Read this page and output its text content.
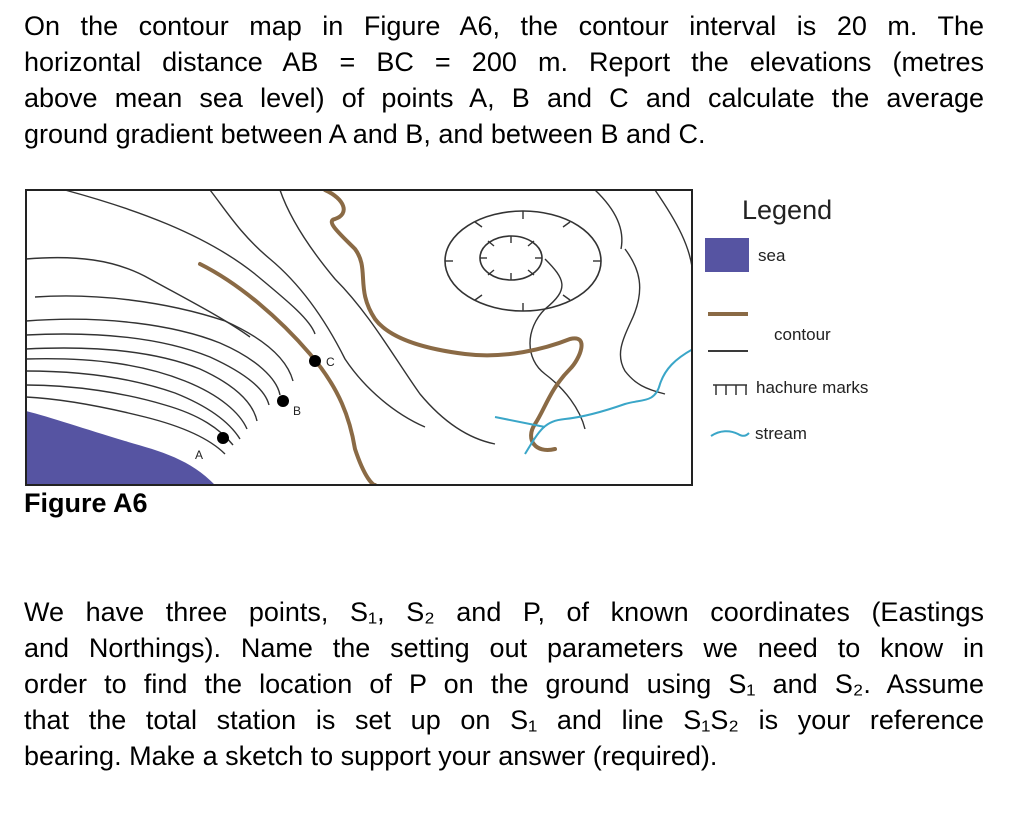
On the contour map in Figure A6, the contour interval is 20 m. The
horizontal distance AB = BC = 200 m. Report the elevations (metres
above mean sea level) of points A, B and C and calculate the average
ground gradient between A and B, and between B and C.
A
B
C
Legend
sea
contour
hachure marks
stream
Figure A6
We have three points, S₁, S₂ and P, of known coordinates (Eastings
and Northings). Name the setting out parameters we need to know in
order to find the location of P on the ground using S₁ and S₂. Assume
that the total station is set up on S₁ and line S₁S₂ is your reference
bearing. Make a sketch to support your answer (required).
